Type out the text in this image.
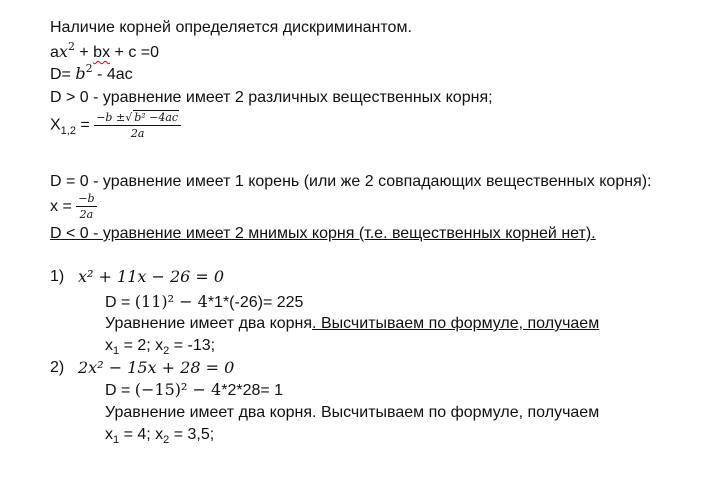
Наличие корней определяется дискриминантом.
$ax^2$ + bx + c =0
$D= b^2 - 4ac$
D > 0 - уравнение имеет 2 различных вещественных корня;
$X_{1,2} = \frac{\text{−b ±√ b² −4ac}}{2a}$
D = 0 - уравнение имеет 1 корень (или же 2 совпадающих вещественных корня):
$x = \frac{-b}{2a}$
D < 0 - уравнение имеет 2 мнимых корня (т.е. вещественных корней нет).
1) x² + 11x − 26 = 0
D = (11)² − 4*1*(-26)= 225
Уравнение имеет два корня. Высчитываем по формуле, получаем
$x_1 = 2$; $x_2 = -13$;
2) 2x² − 15x + 28 = 0
D = (−15)² − 4*2*28= 1
Уравнение имеет два корня. Высчитываем по формуле, получаем
$x_1 = 4$; $x_2 = 3,5$;
